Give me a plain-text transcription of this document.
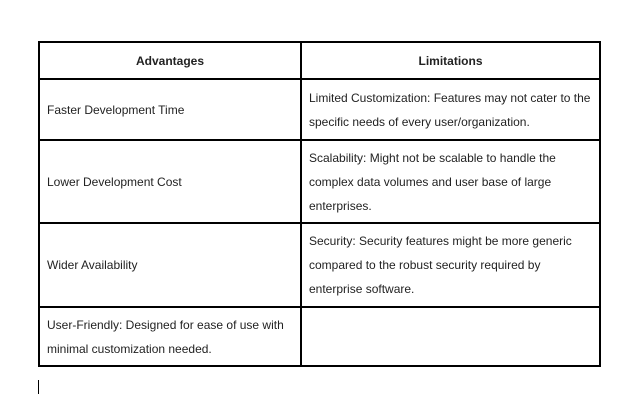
Advantages	Limitations
Faster Development Time	Limited Customization: Features may not cater to the specific needs of every user/organization.
Lower Development Cost	Scalability: Might not be scalable to handle the complex data volumes and user base of large enterprises.
Wider Availability	Security: Security features might be more generic compared to the robust security required by enterprise software.
User-Friendly: Designed for ease of use with minimal customization needed.	
